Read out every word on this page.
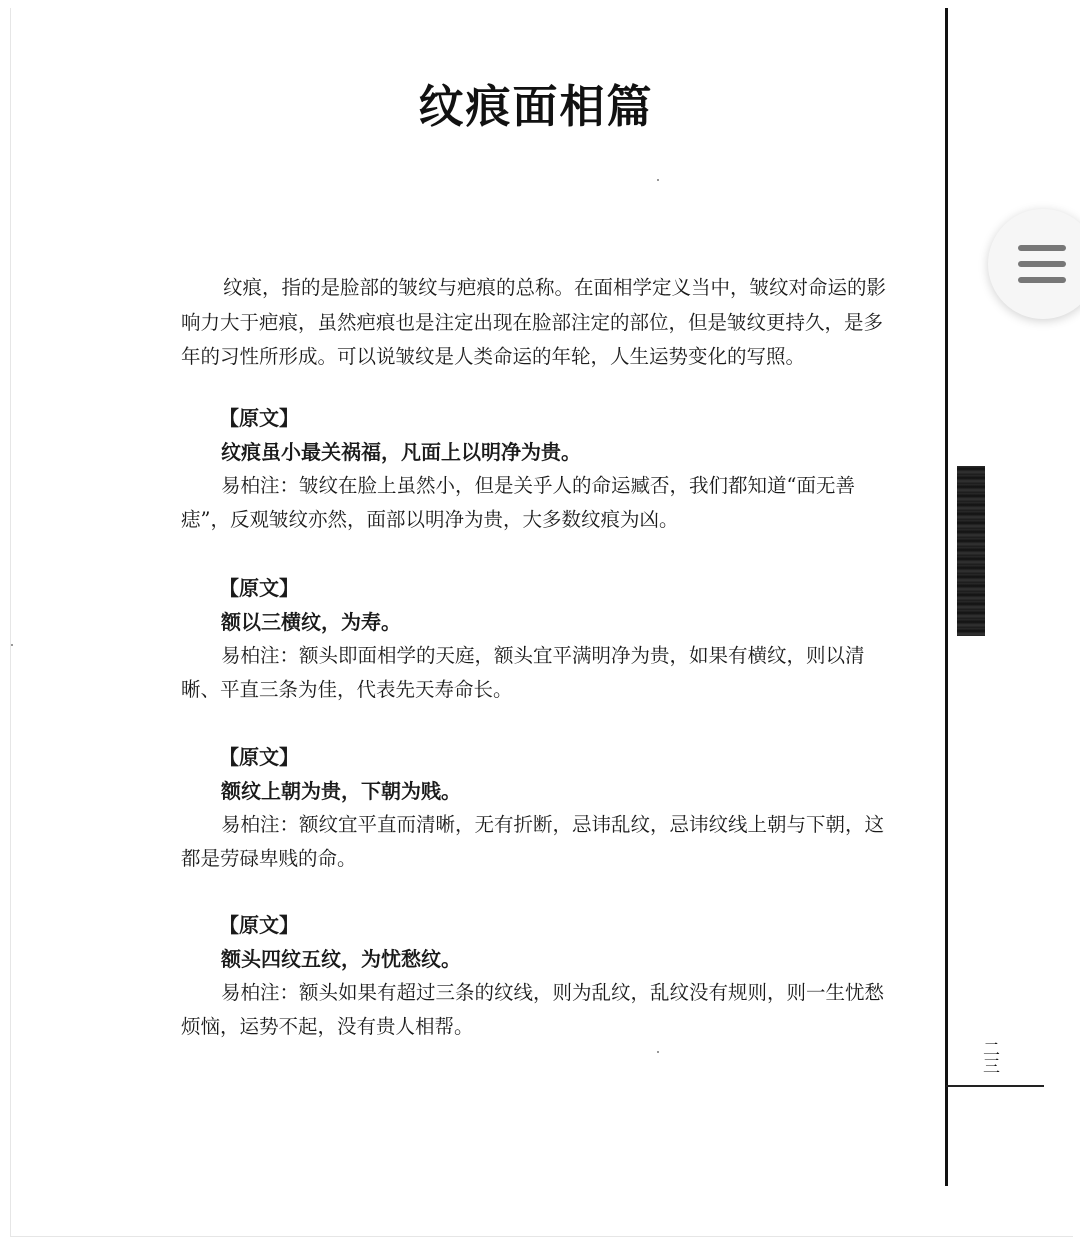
纹痕面相篇

纹痕，指的是脸部的皱纹与疤痕的总称。在面相学定义当中，皱纹对命运的影响力大于疤痕，虽然疤痕也是注定出现在脸部注定的部位，但是皱纹更持久，是多年的习性所形成。可以说皱纹是人类命运的年轮，人生运势变化的写照。

【原文】
纹痕虽小最关祸福，凡面上以明净为贵。
易柏注：皱纹在脸上虽然小，但是关乎人的命运臧否，我们都知道“面无善痣”，反观皱纹亦然，面部以明净为贵，大多数纹痕为凶。
【原文】
额以三横纹，为寿。
易柏注：额头即面相学的天庭，额头宜平满明净为贵，如果有横纹，则以清晰、平直三条为佳，代表先天寿命长。
【原文】
额纹上朝为贵，下朝为贱。
易柏注：额纹宜平直而清晰，无有折断，忌讳乱纹，忌讳纹线上朝与下朝，这都是劳碌卑贱的命。
【原文】
额头四纹五纹，为忧愁纹。
易柏注：额头如果有超过三条的纹线，则为乱纹，乱纹没有规则，则一生忧愁烦恼，运势不起，没有贵人相帮。
二三
